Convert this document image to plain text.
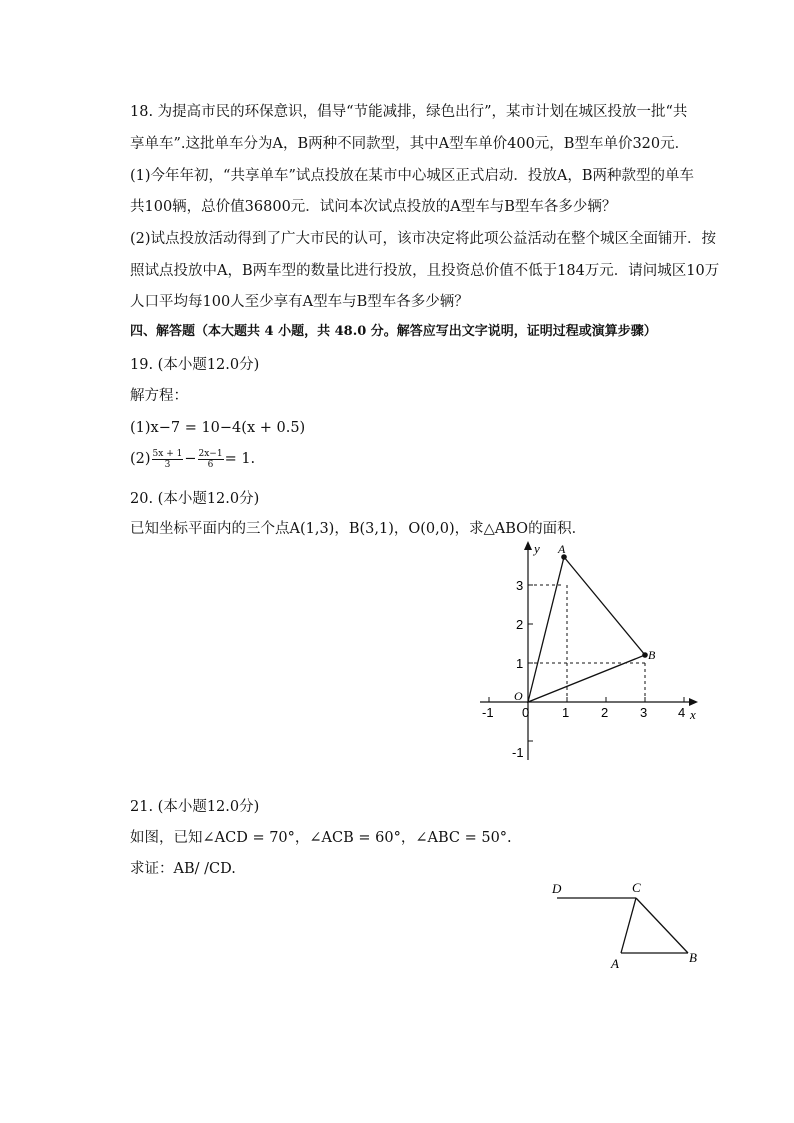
18. 为提高市民的环保意识，倡导“节能减排，绿色出行”，某市计划在城区投放一批“共
享单车”.这批单车分为A，B两种不同款型，其中A型车单价400元，B型车单价320元．
(1)今年年初，“共享单车”试点投放在某市中心城区正式启动．投放A，B两种款型的单车
共100辆，总价值36800元．试问本次试点投放的A型车与B型车各多少辆？
(2)试点投放活动得到了广大市民的认可，该市决定将此项公益活动在整个城区全面铺开．按
照试点投放中A，B两车型的数量比进行投放，且投资总价值不低于184万元．请问城区10万
人口平均每100人至少享有A型车与B型车各多少辆？
四、解答题（本大题共 4 小题，共 48.0 分。解答应写出文字说明，证明过程或演算步骤）
19. (本小题12.0分)
解方程：
(1)x−7 = 10−4(x + 0.5)
$(2) \frac{5x + 1}{3} - \frac{2x-1}{6} = 1$.
20. (本小题12.0分)
已知坐标平面内的三个点A(1,3)，B(3,1)，O(0,0)，求△ABO的面积．
y
x
A
B
O
-1 0	1 2 3 4
3
2
1
-1
21. (本小题12.0分)
如图，已知∠ACD = 70°，∠ACB = 60°，∠ABC = 50°.
求证：AB/ /CD.
D	C
A	B
